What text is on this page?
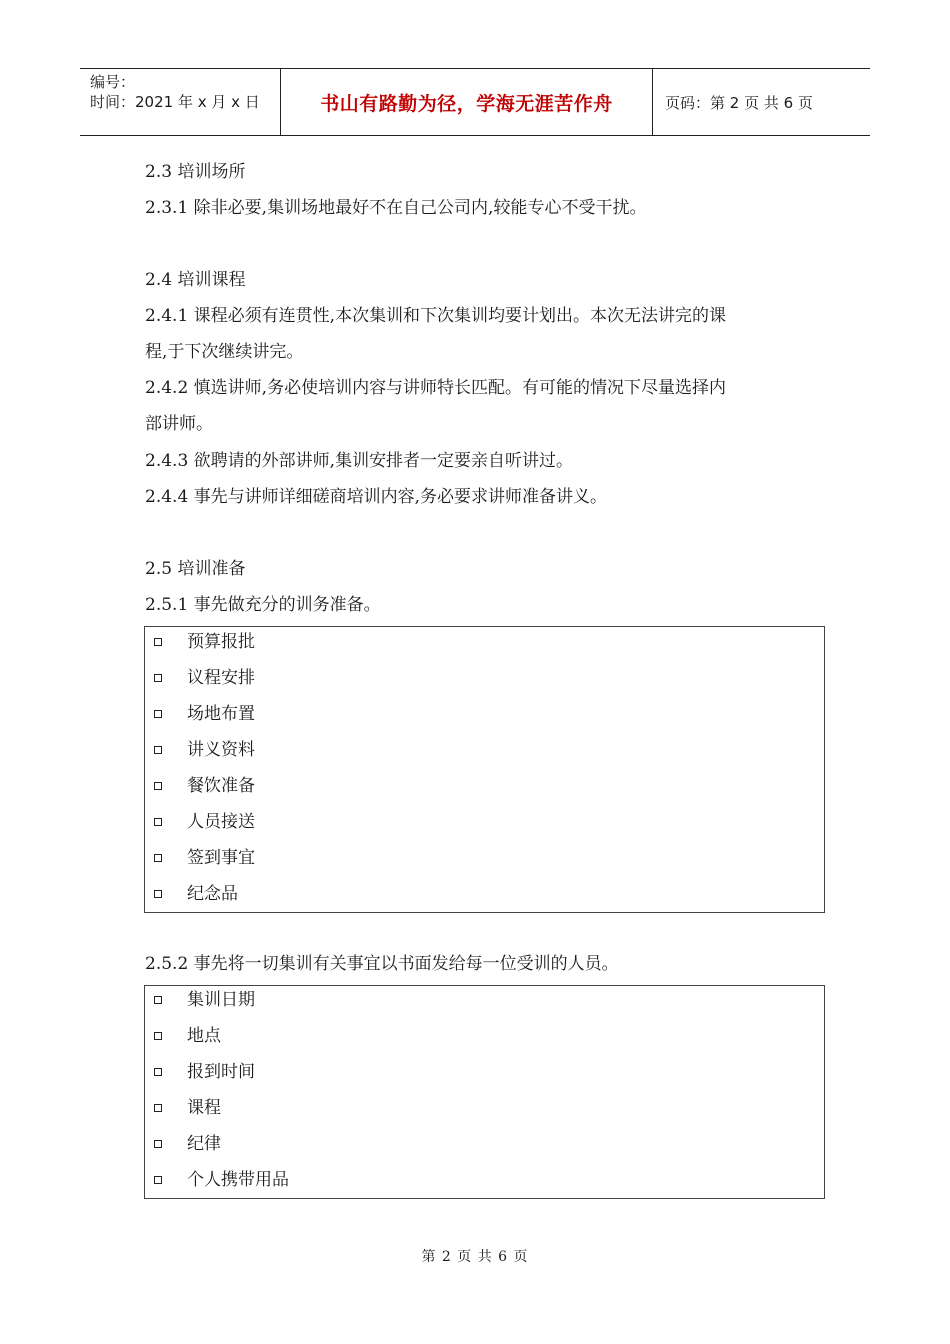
编号：
时间：2021 年 x 月 x 日	书山有路勤为径，学海无涯苦作舟	页码：第 2 页 共 6 页
2.3 培训场所
2.3.1 除非必要,集训场地最好不在自己公司内,较能专心不受干扰。
2.4 培训课程
2.4.1 课程必须有连贯性,本次集训和下次集训均要计划出。本次无法讲完的课
程,于下次继续讲完。
2.4.2 慎选讲师,务必使培训内容与讲师特长匹配。有可能的情况下尽量选择内
部讲师。
2.4.3 欲聘请的外部讲师,集训安排者一定要亲自听讲过。
2.4.4 事先与讲师详细磋商培训内容,务必要求讲师准备讲义。
2.5 培训准备
2.5.1 事先做充分的训务准备。
预算报批
议程安排
场地布置
讲义资料
餐饮准备
人员接送
签到事宜
纪念品
2.5.2 事先将一切集训有关事宜以书面发给每一位受训的人员。
集训日期
地点
报到时间
课程
纪律
个人携带用品
第 2 页 共 6 页
